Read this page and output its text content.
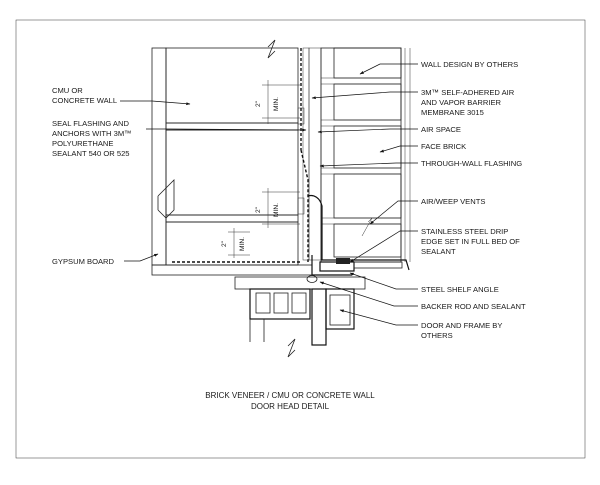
2" MIN.
2" MIN.
2" MIN.
WALL DESIGN BY OTHERS
3M™ SELF-ADHERED AIR
AND VAPOR BARRIER
MEMBRANE 3015
AIR SPACE
FACE BRICK
THROUGH-WALL FLASHING
AIR/WEEP VENTS
STAINLESS STEEL DRIP
EDGE SET IN FULL BED OF
SEALANT
STEEL SHELF ANGLE
BACKER ROD AND SEALANT
DOOR AND FRAME BY
OTHERS
CMU OR
CONCRETE WALL
SEAL FLASHING AND
ANCHORS WITH 3M™
POLYURETHANE
SEALANT 540 OR 525
GYPSUM BOARD
BRICK VENEER / CMU OR CONCRETE WALL
DOOR HEAD DETAIL
